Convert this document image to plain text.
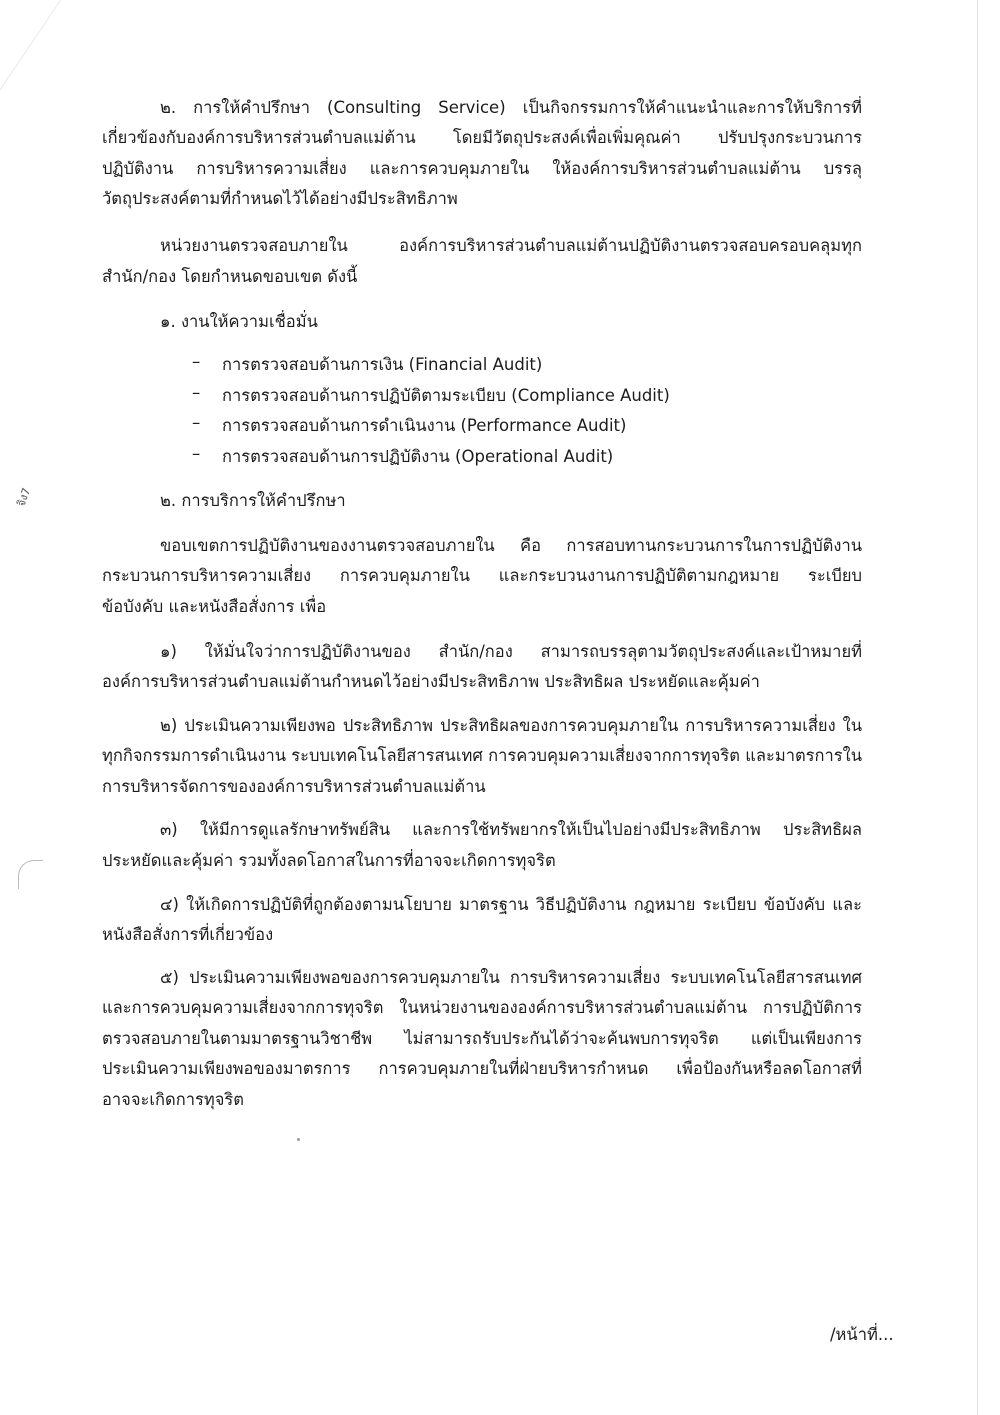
จิง7
๒. การให้คำปรึกษา (Consulting Service) เป็นกิจกรรมการให้คำแนะนำและการให้บริการที่
เกี่ยวข้องกับองค์การบริหารส่วนตำบลแม่ต้าน โดยมีวัตถุประสงค์เพื่อเพิ่มคุณค่า ปรับปรุงกระบวนการ
ปฏิบัติงาน การบริหารความเสี่ยง และการควบคุมภายใน ให้องค์การบริหารส่วนตำบลแม่ต้าน บรรลุ
วัตถุประสงค์ตามที่กำหนดไว้ได้อย่างมีประสิทธิภาพ
หน่วยงานตรวจสอบภายใน องค์การบริหารส่วนตำบลแม่ต้านปฏิบัติงานตรวจสอบครอบคลุมทุก
สำนัก/กอง โดยกำหนดขอบเขต ดังนี้
๑. งานให้ความเชื่อมั่น
– การตรวจสอบด้านการเงิน (Financial Audit)
– การตรวจสอบด้านการปฏิบัติตามระเบียบ (Compliance Audit)
– การตรวจสอบด้านการดำเนินงาน (Performance Audit)
– การตรวจสอบด้านการปฏิบัติงาน (Operational Audit)
๒. การบริการให้คำปรึกษา
ขอบเขตการปฏิบัติงานของงานตรวจสอบภายใน คือ การสอบทานกระบวนการในการปฏิบัติงาน
กระบวนการบริหารความเสี่ยง การควบคุมภายใน และกระบวนงานการปฏิบัติตามกฎหมาย ระเบียบ
ข้อบังคับ และหนังสือสั่งการ เพื่อ
๑) ให้มั่นใจว่าการปฏิบัติงานของ สำนัก/กอง สามารถบรรลุตามวัตถุประสงค์และเป้าหมายที่
องค์การบริหารส่วนตำบลแม่ต้านกำหนดไว้อย่างมีประสิทธิภาพ ประสิทธิผล ประหยัดและคุ้มค่า
๒) ประเมินความเพียงพอ ประสิทธิภาพ ประสิทธิผลของการควบคุมภายใน การบริหารความเสี่ยง ใน
ทุกกิจกรรมการดำเนินงาน ระบบเทคโนโลยีสารสนเทศ การควบคุมความเสี่ยงจากการทุจริต และมาตรการใน
การบริหารจัดการขององค์การบริหารส่วนตำบลแม่ต้าน
๓) ให้มีการดูแลรักษาทรัพย์สิน และการใช้ทรัพยากรให้เป็นไปอย่างมีประสิทธิภาพ ประสิทธิผล
ประหยัดและคุ้มค่า รวมทั้งลดโอกาสในการที่อาจจะเกิดการทุจริต
๔) ให้เกิดการปฏิบัติที่ถูกต้องตามนโยบาย มาตรฐาน วิธีปฏิบัติงาน กฎหมาย ระเบียบ ข้อบังคับ และ
หนังสือสั่งการที่เกี่ยวข้อง
๕) ประเมินความเพียงพอของการควบคุมภายใน การบริหารความเสี่ยง ระบบเทคโนโลยีสารสนเทศ
และการควบคุมความเสี่ยงจากการทุจริต ในหน่วยงานขององค์การบริหารส่วนตำบลแม่ต้าน การปฏิบัติการ
ตรวจสอบภายในตามมาตรฐานวิชาชีพ ไม่สามารถรับประกันได้ว่าจะค้นพบการทุจริต แต่เป็นเพียงการ
ประเมินความเพียงพอของมาตรการ การควบคุมภายในที่ฝ่ายบริหารกำหนด เพื่อป้องกันหรือลดโอกาสที่
อาจจะเกิดการทุจริต
/หน้าที่...
